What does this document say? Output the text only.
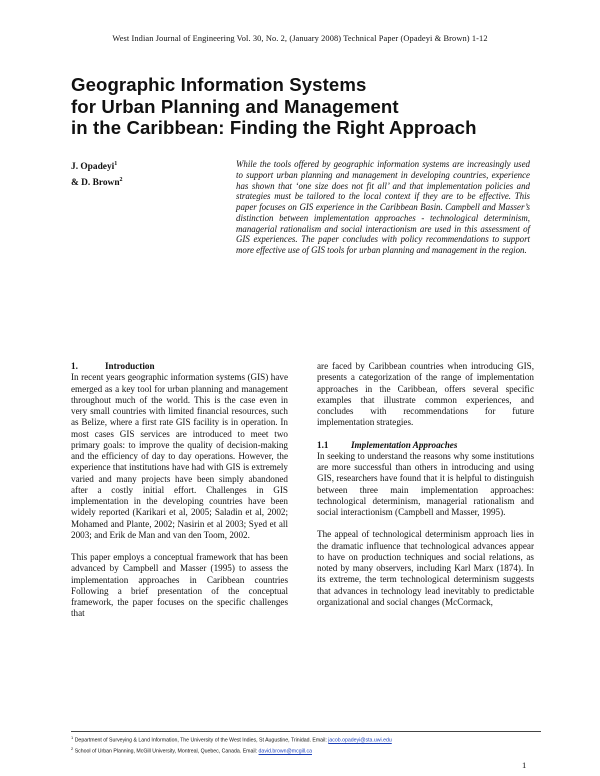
West Indian Journal of Engineering Vol. 30, No. 2, (January 2008) Technical Paper (Opadeyi & Brown) 1-12
Geographic Information Systems
for Urban Planning and Management
in the Caribbean: Finding the Right Approach
J. Opadeyi$^1$
& D. Brown$^2$
While the tools offered by geographic information systems are increasingly used to support urban planning and management in developing countries, experience has shown that ‘one size does not fit all’ and that implementation policies and strategies must be tailored to the local context if they are to be effective. This paper focuses on GIS experience in the Caribbean Basin. Campbell and Masser’s distinction between implementation approaches - technological determinism, managerial rationalism and social interactionism are used in this assessment of GIS experiences. The paper concludes with policy recommendations to support more effective use of GIS tools for urban planning and management in the region.

1.	Introduction

In recent years geographic information systems (GIS) have emerged as a key tool for urban planning and management throughout much of the world. This is the case even in very small countries with limited financial resources, such as Belize, where a first rate GIS facility is in operation. In most cases GIS services are introduced to meet two primary goals: to improve the quality of decision-making and the efficiency of day to day operations. However, the experience that institutions have had with GIS is extremely varied and many projects have been simply abandoned after a costly initial effort. Challenges in GIS implementation in the developing countries have been widely reported (Karikari et al, 2005; Saladin et al, 2002; Mohamed and Plante, 2002; Nasirin et al 2003; Syed et all 2003; and Erik de Man and van den Toom, 2002.

This paper employs a conceptual framework that has been advanced by Campbell and Masser (1995) to assess the implementation approaches in Caribbean countries Following a brief presentation of the conceptual framework, the paper focuses on the specific challenges that

are faced by Caribbean countries when introducing GIS, presents a categorization of the range of implementation approaches in the Caribbean, offers several specific examples that illustrate common experiences, and concludes with recommendations for future implementation strategies.

1.1 Implementation Approaches

In seeking to understand the reasons why some institutions are more successful than others in introducing and using GIS, researchers have found that it is helpful to distinguish between three main implementation approaches: technological determinism, managerial rationalism and social interactionism (Campbell and Masser, 1995).

The appeal of technological determinism approach lies in the dramatic influence that technological advances appear to have on production techniques and social relations, as noted by many observers, including Karl Marx (1874). In its extreme, the term technological determinism suggests that advances in technology lead inevitably to predictable organizational and social changes (McCormack,

$^1$ Department of Surveying & Land Information, The University of the West Indies, St Augustine, Trinidad. Email: jacob.opadeyi@sta.uwi.edu
$^2$ School of Urban Planning, McGill University, Montreal, Quebec, Canada. Email: david.brown@mcgill.ca
1
